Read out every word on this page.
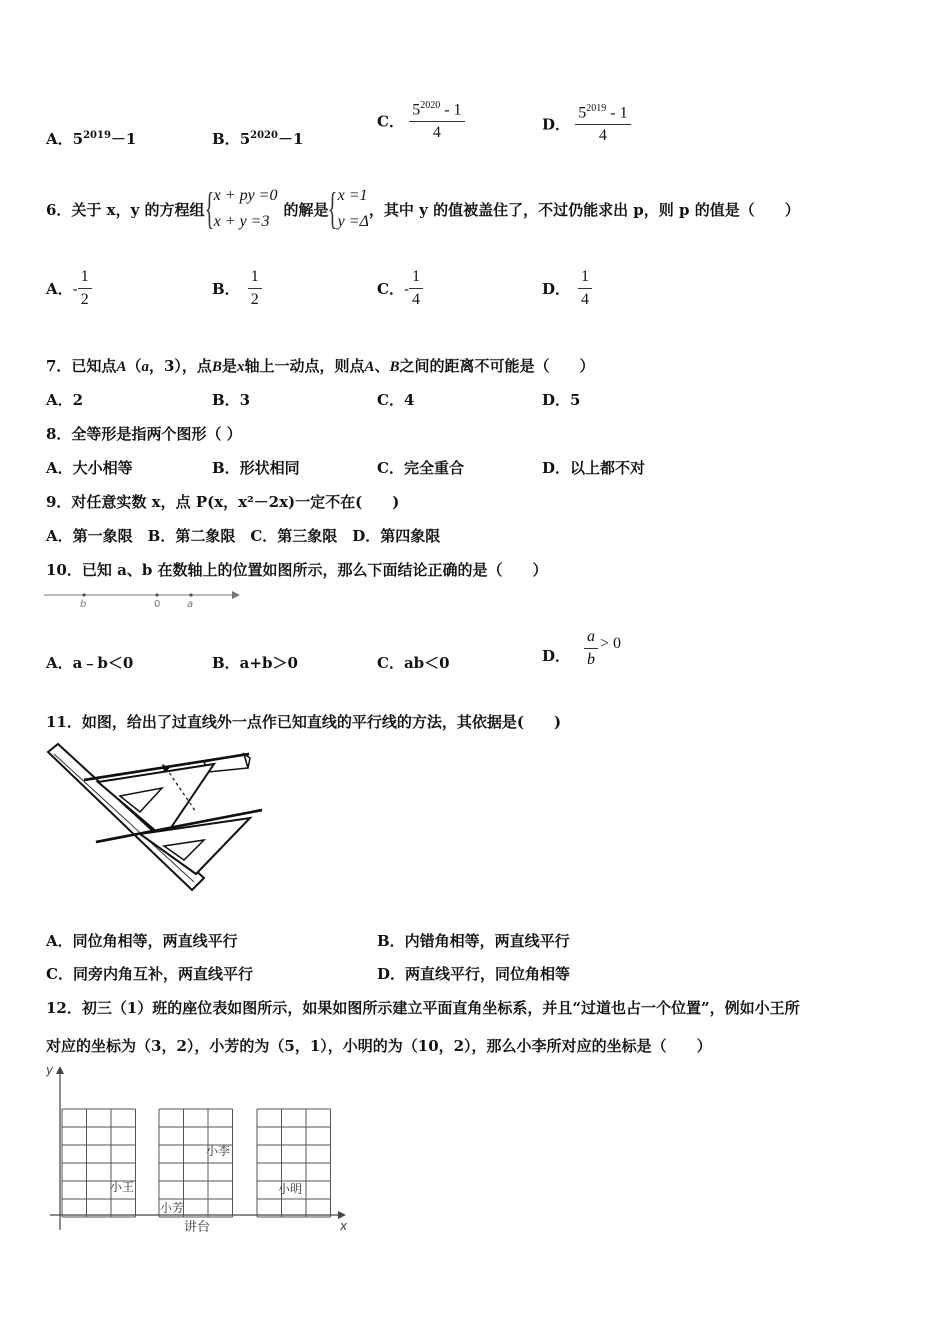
A．$5^{2019}-1$	B．$5^{2020}-1$
C． $\frac{5^{2020} - 1}{4}$	D． $\frac{5^{2019} - 1}{4}$
6．关于 x，y 的方程组 { x + py =0
x + y =3
的解是 { x =1
y =Δ
，其中 y 的值被盖住了，不过仍能求出 p，则 p 的值是（　　）
A． - $\frac{1}{2}$	B． $\frac{1}{2}$	C． - $\frac{1}{4}$	D． $\frac{1}{4}$
7．已知点A（a，3），点B是x轴上一动点，则点A、B之间的距离不可能是（　　）
A．2	B．3	C．4	D．5
8．全等形是指两个图形（ ）
A．大小相等	B．形状相同	C．完全重合	D．以上都不对
9．对任意实数 x，点 P(x，x²－2x)一定不在(　　)
A．第一象限　B．第二象限　C．第三象限　D．第四象限
10．已知 a、b 在数轴上的位置如图所示，那么下面结论正确的是（　　）
b	0	a
A．a﹣b＜0	B．a+b＞0	C．ab＜0	D． $\frac{a}{b} > 0$
11．如图，给出了过直线外一点作已知直线的平行线的方法，其依据是(　　)
A．同位角相等，两直线平行	B．内错角相等，两直线平行
C．同旁内角互补，两直线平行	D．两直线平行，同位角相等
12．初三（1）班的座位表如图所示，如果如图所示建立平面直角坐标系，并且“过道也占一个位置”，例如小王所
对应的坐标为（3，2），小芳的为（5，1），小明的为（10，2），那么小李所对应的坐标是（　　）
y
x
小李
小王	小明
小芳
讲台
